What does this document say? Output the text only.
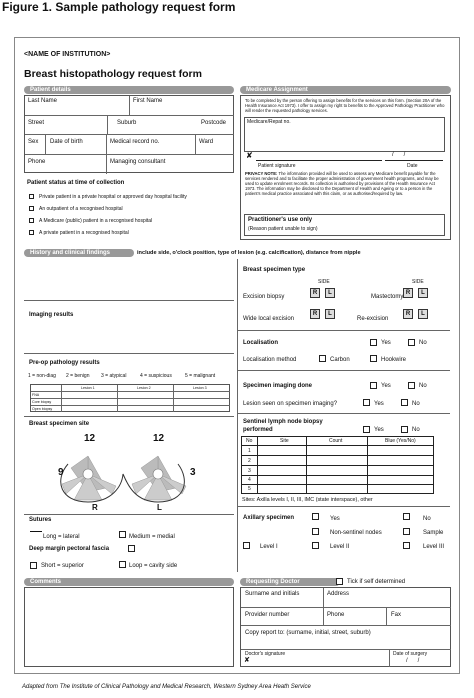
Figure 1. Sample pathology request form
<NAME OF INSTITUTION>
Breast histopathology request form
Patient details
Last Name	First Name
Street	Suburb	Postcode
Sex Date of birth	Medical record no.	Ward
Phone	Managing consultant
Patient status at time of collection
Private patient in a private hospital or approved day hospital facility
An outpatient of a recognised hospital
A Medicare (public) patient in a recognised hospital
A private patient in a recognised hospital
Medicare Assignment
To be completed by the person offering to assign benefits for the services on this form. (Section 20A of the Health Insurance Act 1973). I offer to assign my right to benefits to the Approved Pathology Practitioner who will render the requested pathology services.
Medicare/Repat no.
✘
Patient signature
/      /
Date
PRIVACY NOTE: The information provided will be used to assess any Medicare benefit payable for the services rendered and to facilitate the proper administration of government health programs, and may be used to update enrolment records. Its collection is authorised by provisions of the Health Insurance Act 1973. The information may be disclosed to the Department of Health and Ageing or to a person in the patient's medical practice associated with this claim, or as authorised/required by law.
Practitioner's use only
(Reason patient unable to sign)
History and clinical findings	include side, o'clock position, type of lesion (e.g. calcification), distance from nipple
Imaging results
Pre-op pathology results
1 = non-diag 2 = benign 3 = atypical	4 = suspicious	5 = malignant
Lesion 1	Lesion 2	Lesion 3
FNA
Core biopsy
Open biopsy
Breast specimen site
12	12
9	3
R	L
Sutures
Long = lateral	Medium = medial
Deep margin pectoral fascia
Short = superior	Loop = cavity side
Breast specimen type
SIDE	SIDE
Excision biopsy
R	L
Mastectomy
R	L
Wide local excision
R	L
Re-excision
R	L
Localisation	Yes	No
Localisation method	Carbon	Hookwire
Specimen imaging done	Yes	No
Lesion seen on specimen imaging?	Yes	No
Sentinel lymph node biopsy performed	Yes	No
No	Site	Count	Blue (Yes/No)
1
2
3
4
5
Sites: Axilla levels I, II, III, IMC (state interspace), other
Axillary specimen	Yes	No
Non-sentinel nodes	Sample
Level I	Level II	Level III
Comments	Requesting Doctor	Tick if self determined
Surname and initials	Address
Provider number	Phone	Fax
Copy report to: (surname, initial, street, suburb)
Doctor's signature
✘
Date of surgery
/      /
Adapted from The Institute of Clinical Pathology and Medical Research, Western Sydney Area Heath Service
